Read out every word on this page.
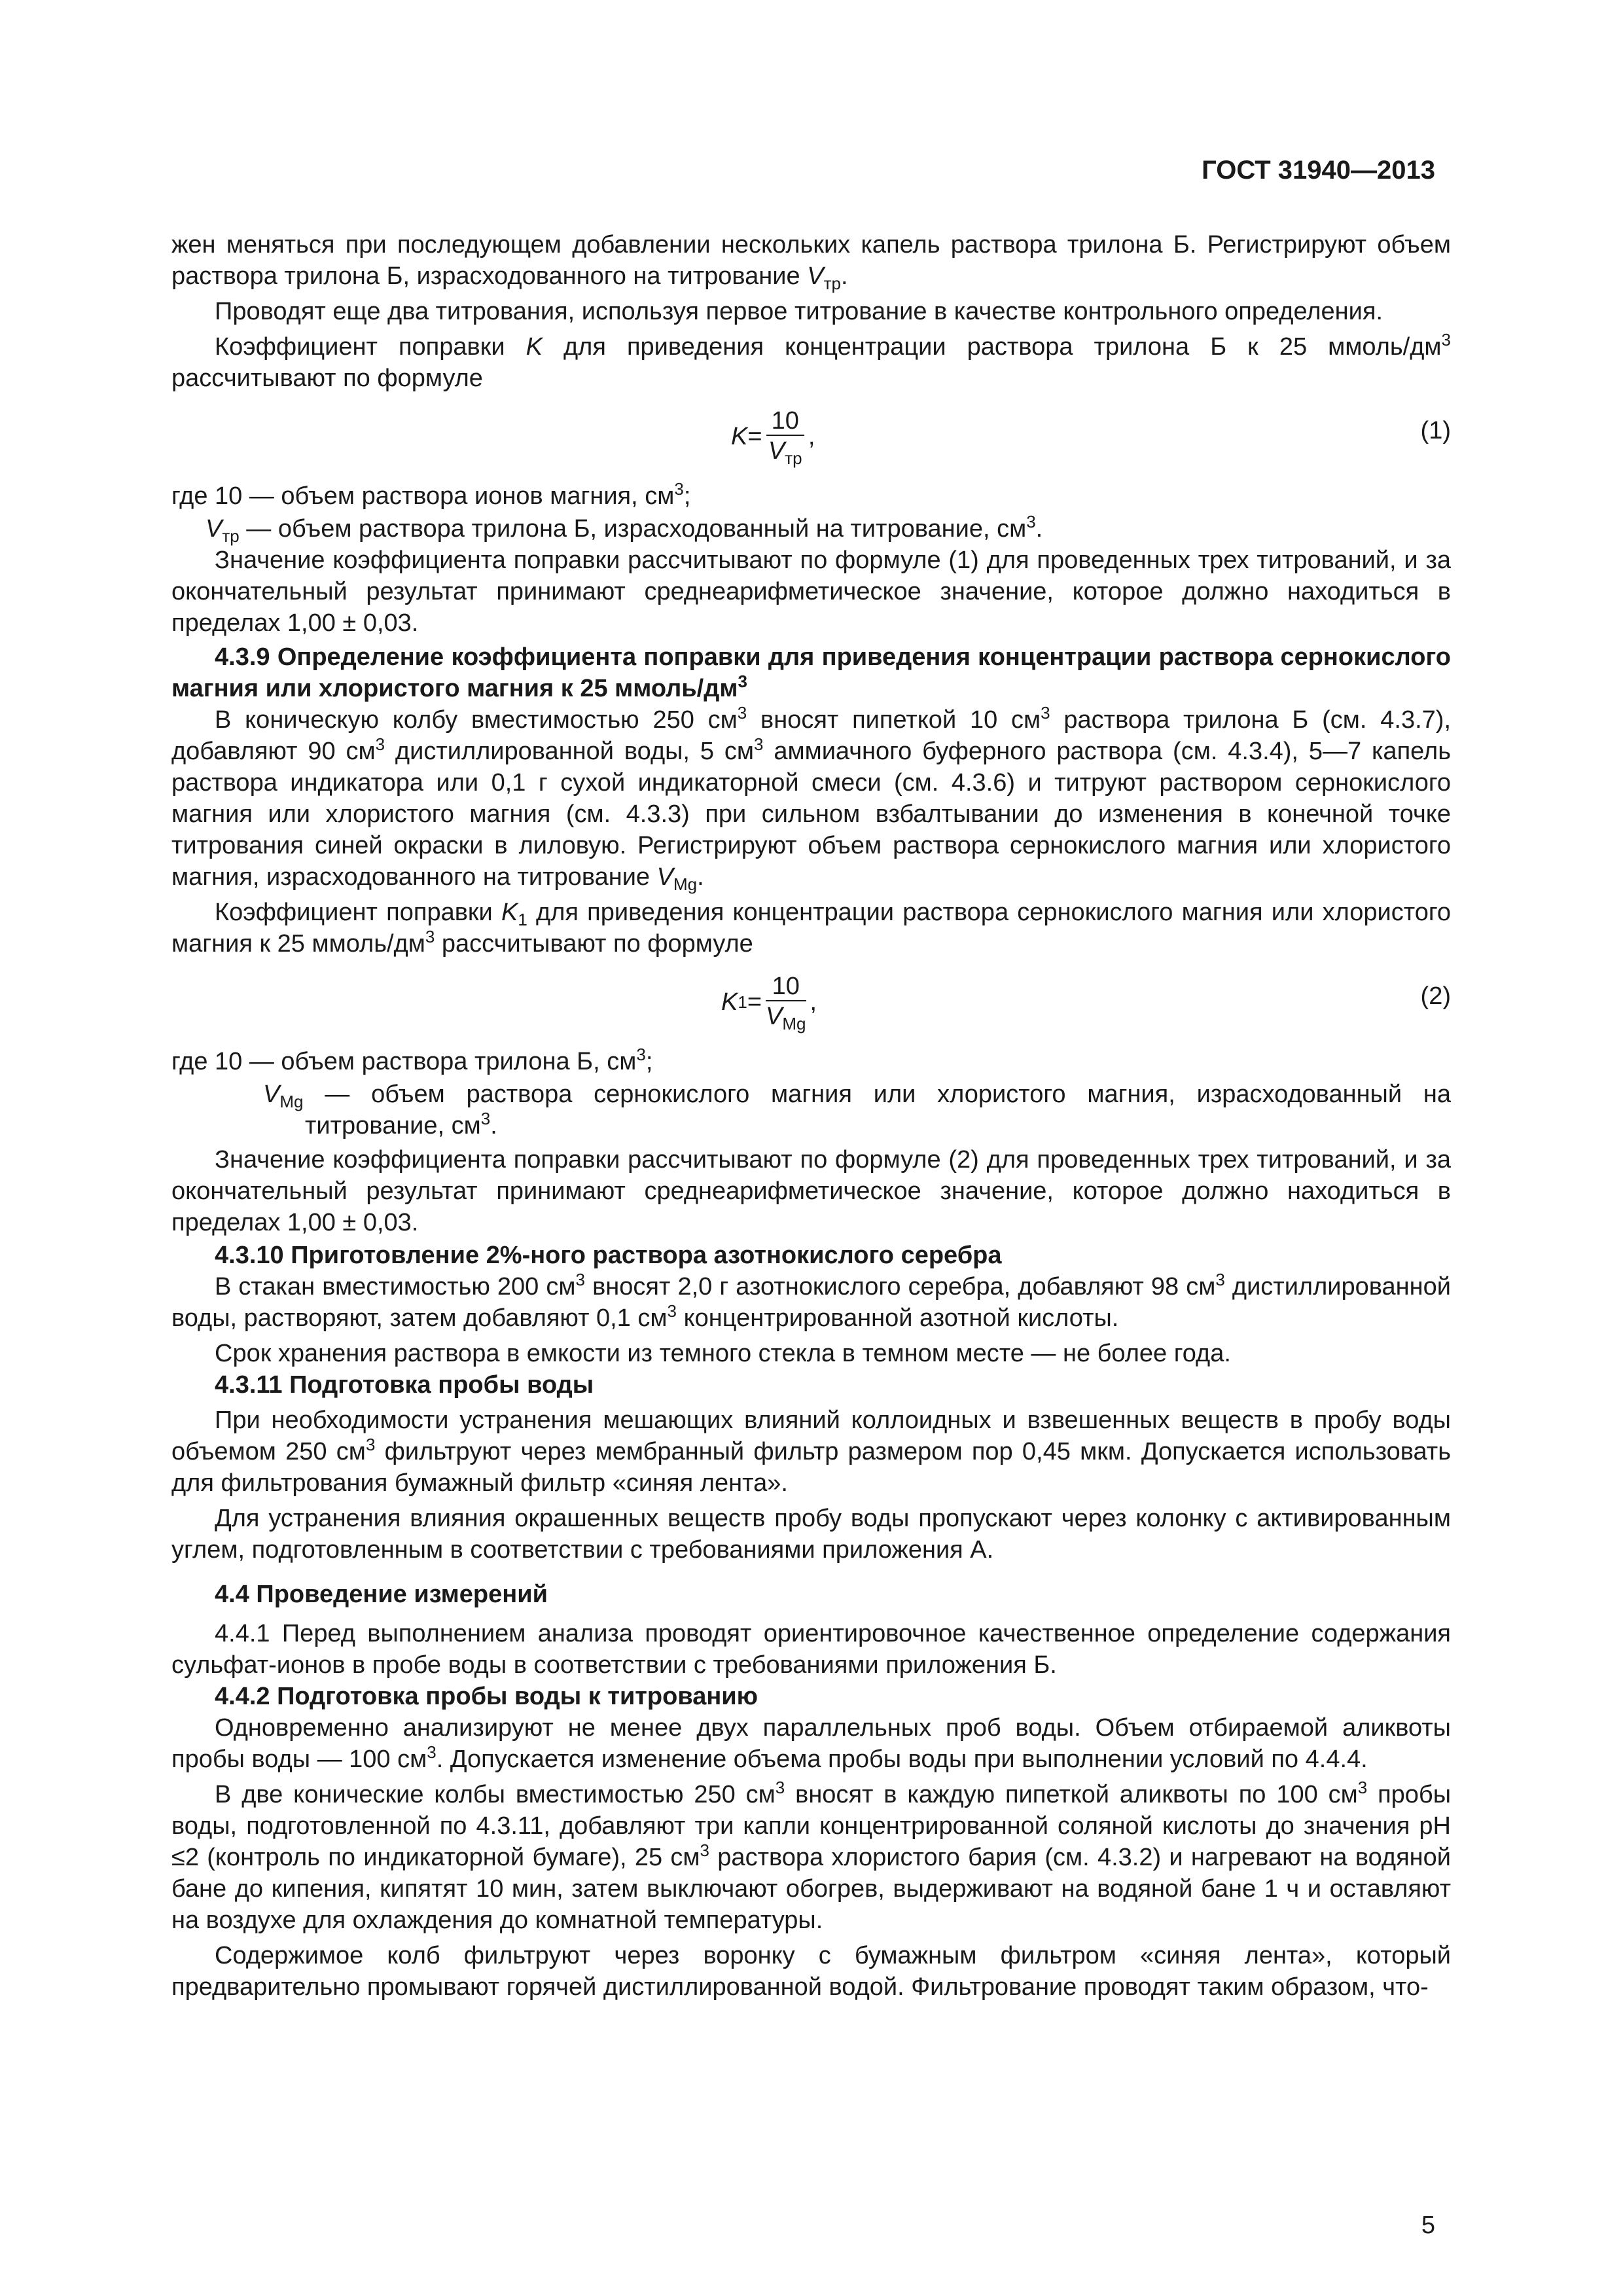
ГОСТ 31940—2013

жен меняться при последующем добавлении нескольких капель раствора трилона Б. Регистрируют объем раствора трилона Б, израсходованного на титрование $V_{тр}$.

Проводят еще два титрования, используя первое титрование в качестве контрольного определения.

Коэффициент поправки K для приведения концентрации раствора трилона Б к 25 ммоль/$дм^3$ рассчитывают по формуле

$K = \frac{10}{V_{тр}}$ ,	(1)

где 10 — объем раствора ионов магния, $см^3$;

$V_{тр}$ — объем раствора трилона Б, израсходованный на титрование, $см^3$.

Значение коэффициента поправки рассчитывают по формуле (1) для проведенных трех титрований, и за окончательный результат принимают среднеарифметическое значение, которое должно находиться в пределах 1,00 ± 0,03.

4.3.9 Определение коэффициента поправки для приведения концентрации раствора сернокислого магния или хлористого магния к 25 ммоль/$дм^3$

В коническую колбу вместимостью 250 $см^3$ вносят пипеткой 10 $см^3$ раствора трилона Б (см. 4.3.7), добавляют 90 $см^3$ дистиллированной воды, 5 $см^3$ аммиачного буферного раствора (см. 4.3.4), 5—7 капель раствора индикатора или 0,1 г сухой индикаторной смеси (см. 4.3.6) и титруют раствором сернокислого магния или хлористого магния (см. 4.3.3) при сильном взбалтывании до изменения в конечной точке титрования синей окраски в лиловую. Регистрируют объем раствора сернокислого магния или хлористого магния, израсходованного на титрование $V_{Mg}$.

Коэффициент поправки $K_1$ для приведения концентрации раствора сернокислого магния или хлористого магния к 25 ммоль/$дм^3$ рассчитывают по формуле

K $1 = \frac{10}{V_{Mg}}$ ,	(2)

где 10 — объем раствора трилона Б, $см^3$;

$V_{Mg}$ — объем раствора сернокислого магния или хлористого магния, израсходованный на титрование, $см^3$.

Значение коэффициента поправки рассчитывают по формуле (2) для проведенных трех титрований, и за окончательный результат принимают среднеарифметическое значение, которое должно находиться в пределах 1,00 ± 0,03.

4.3.10 Приготовление 2%-ного раствора азотнокислого серебра

В стакан вместимостью 200 $см^3$ вносят 2,0 г азотнокислого серебра, добавляют 98 $см^3$ дистиллированной воды, растворяют, затем добавляют 0,1 $см^3$ концентрированной азотной кислоты.

Срок хранения раствора в емкости из темного стекла в темном месте — не более года.

4.3.11 Подготовка пробы воды

При необходимости устранения мешающих влияний коллоидных и взвешенных веществ в пробу воды объемом 250 $см^3$ фильтруют через мембранный фильтр размером пор 0,45 мкм. Допускается использовать для фильтрования бумажный фильтр «синяя лента».

Для устранения влияния окрашенных веществ пробу воды пропускают через колонку с активированным углем, подготовленным в соответствии с требованиями приложения А.

4.4 Проведение измерений

4.4.1 Перед выполнением анализа проводят ориентировочное качественное определение содержания сульфат-ионов в пробе воды в соответствии с требованиями приложения Б.

4.4.2 Подготовка пробы воды к титрованию

Одновременно анализируют не менее двух параллельных проб воды. Объем отбираемой аликвоты пробы воды — 100 $см^3$. Допускается изменение объема пробы воды при выполнении условий по 4.4.4.

В две конические колбы вместимостью 250 $см^3$ вносят в каждую пипеткой аликвоты по 100 $см^3$ пробы воды, подготовленной по 4.3.11, добавляют три капли концентрированной соляной кислоты до значения pH ≤2 (контроль по индикаторной бумаге), 25 $см^3$ раствора хлористого бария (см. 4.3.2) и нагревают на водяной бане до кипения, кипятят 10 мин, затем выключают обогрев, выдерживают на водяной бане 1 ч и оставляют на воздухе для охлаждения до комнатной температуры.

Содержимое колб фильтруют через воронку с бумажным фильтром «синяя лента», который предварительно промывают горячей дистиллированной водой. Фильтрование проводят таким образом, что-

5
